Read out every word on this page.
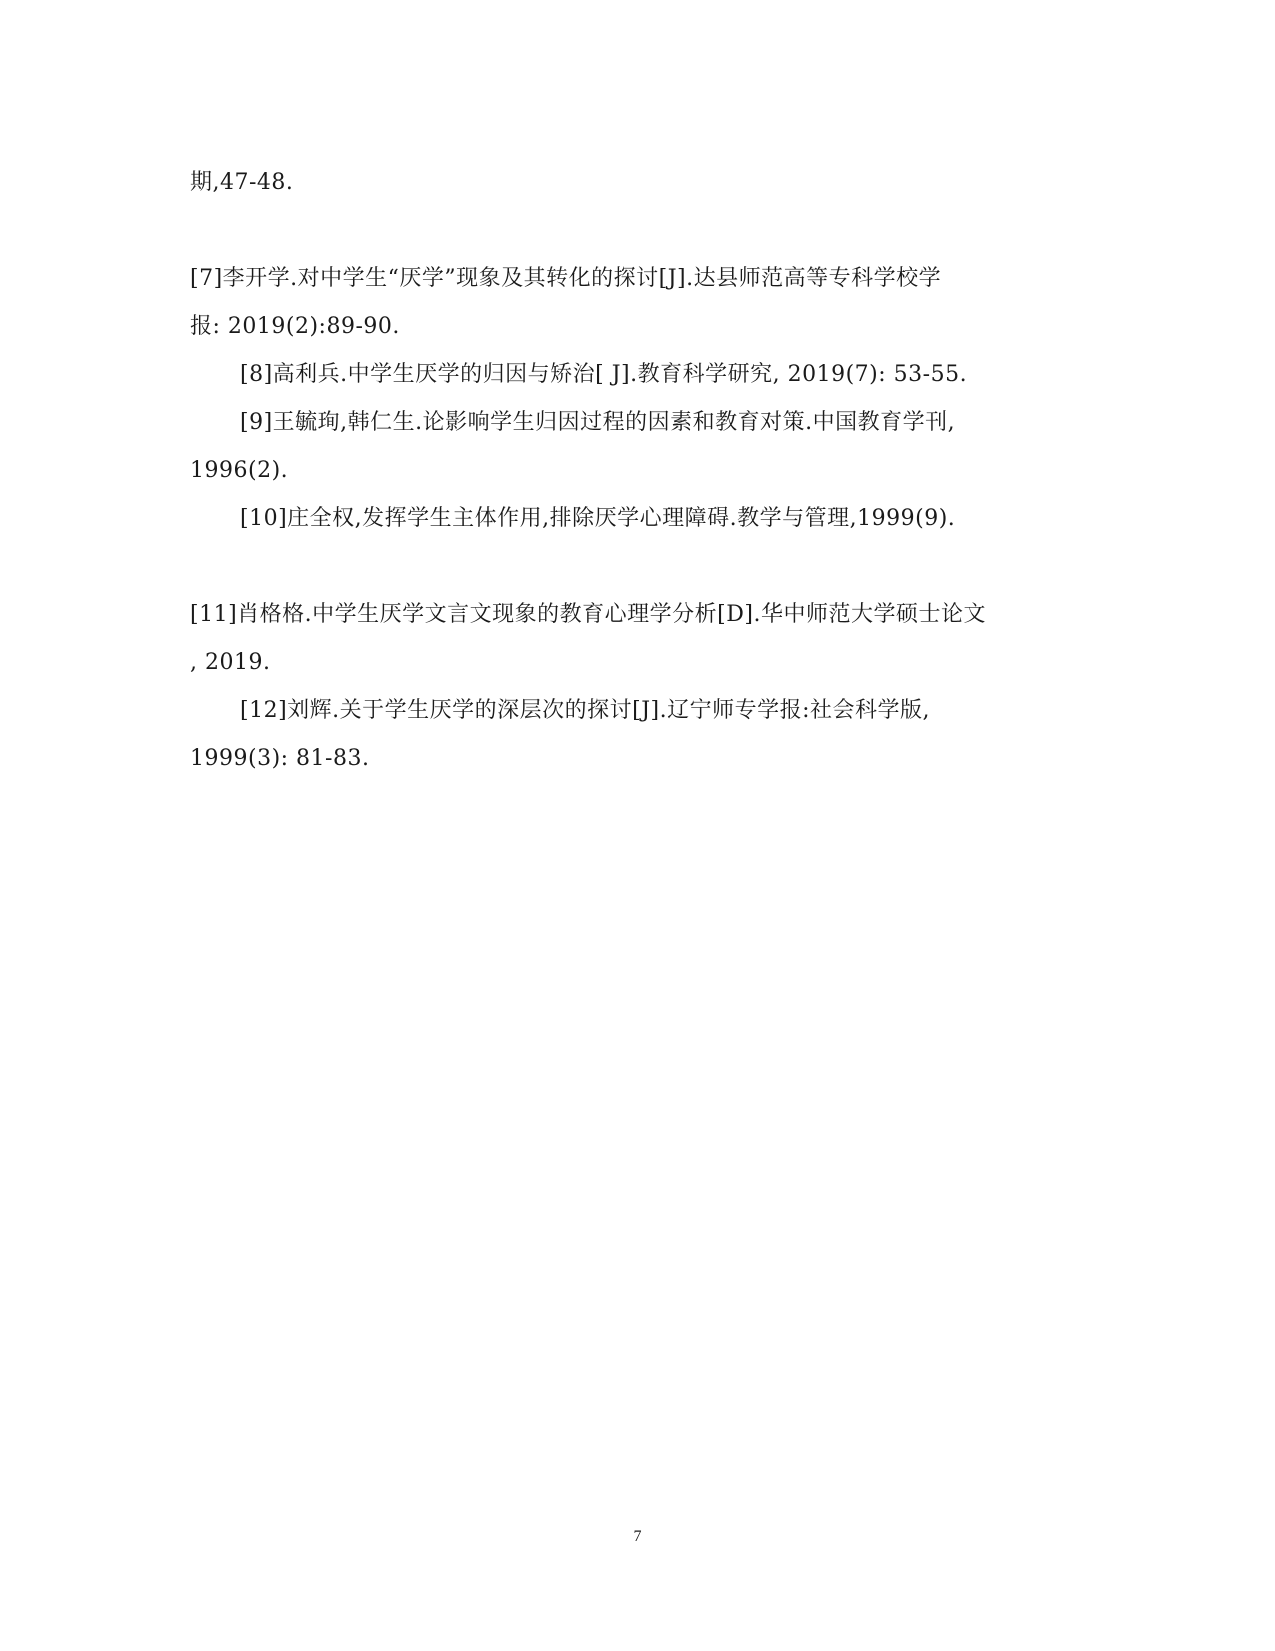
期,47-48.
[7]李开学.对中学生“厌学”现象及其转化的探讨[J].达县师范高等专科学校学
报: 2019(2):89-90.
[8]高利兵.中学生厌学的归因与矫治[ J].教育科学研究, 2019(7): 53-55.
[9]王毓珣,韩仁生.论影响学生归因过程的因素和教育对策.中国教育学刊,
1996(2).
[10]庄全权,发挥学生主体作用,排除厌学心理障碍.教学与管理,1999(9).
[11]肖格格.中学生厌学文言文现象的教育心理学分析[D].华中师范大学硕士论文
, 2019.
[12]刘辉.关于学生厌学的深层次的探讨[J].辽宁师专学报:社会科学版,
1999(3): 81-83.
7
